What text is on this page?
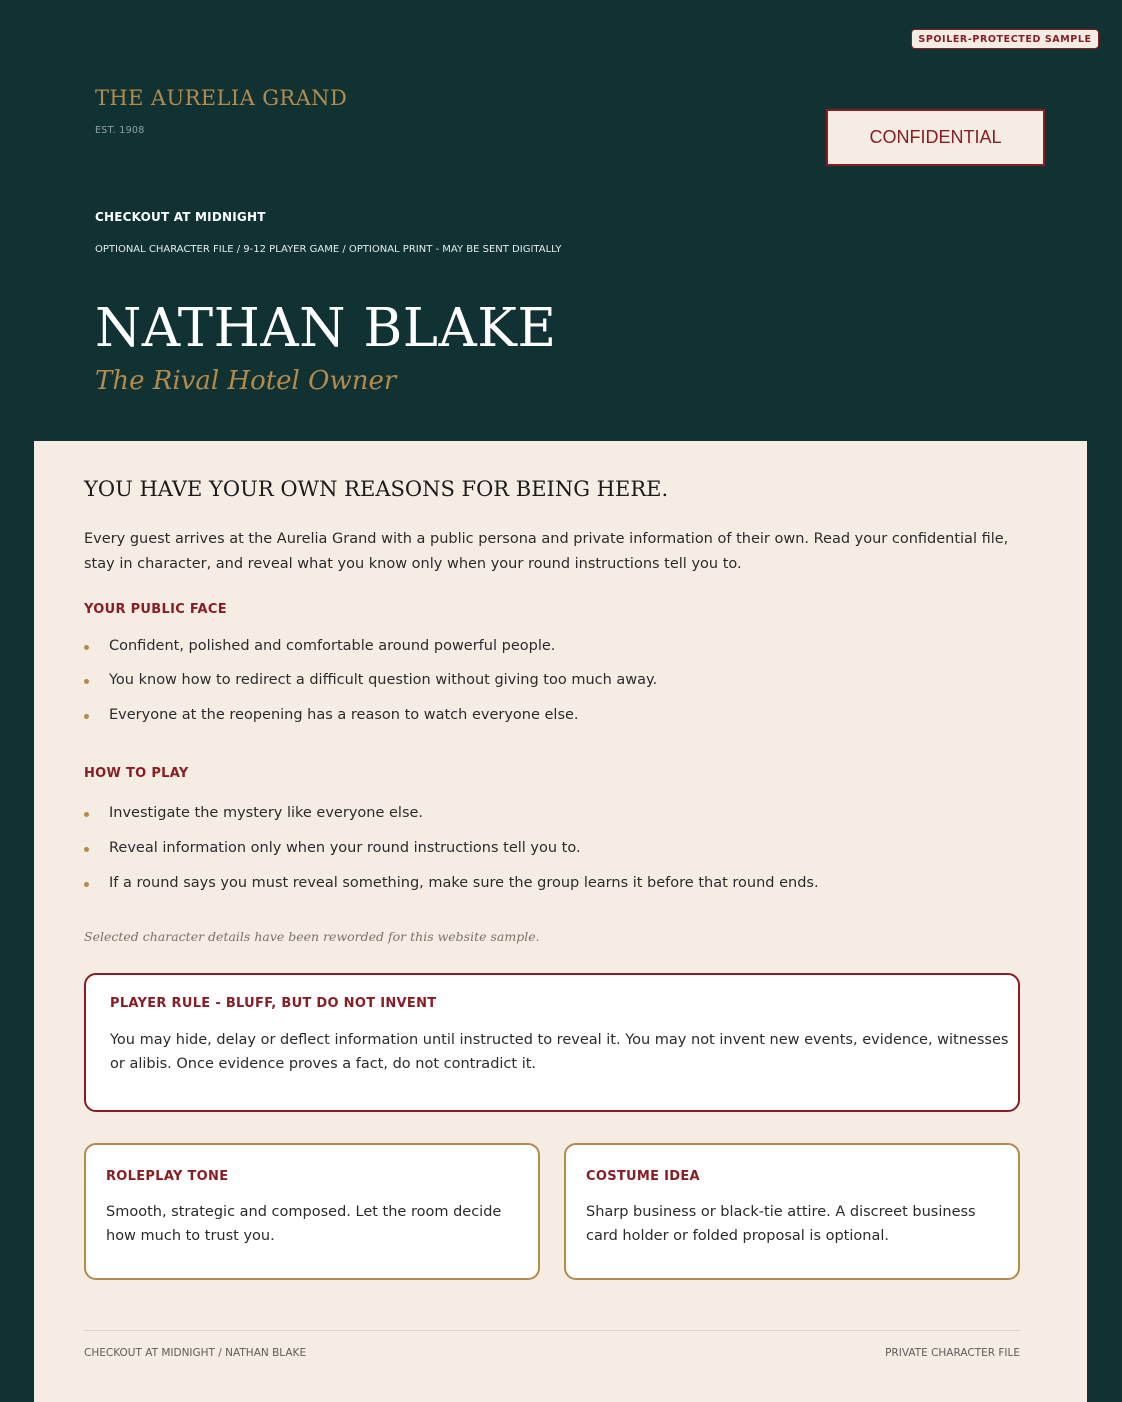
SPOILER-PROTECTED SAMPLE
THE AURELIA GRAND
EST. 1908	CONFIDENTIAL
CHECKOUT AT MIDNIGHT
OPTIONAL CHARACTER FILE / 9-12 PLAYER GAME / OPTIONAL PRINT - MAY BE SENT DIGITALLY
NATHAN BLAKE
The Rival Hotel Owner
YOU HAVE YOUR OWN REASONS FOR BEING HERE.
Every guest arrives at the Aurelia Grand with a public persona and private information of their own. Read your confidential file, stay in character, and reveal what you know only when your round instructions tell you to.
YOUR PUBLIC FACE
Confident, polished and comfortable around powerful people.
You know how to redirect a difficult question without giving too much away.
Everyone at the reopening has a reason to watch everyone else.
HOW TO PLAY
Investigate the mystery like everyone else.
Reveal information only when your round instructions tell you to.
If a round says you must reveal something, make sure the group learns it before that round ends.
Selected character details have been reworded for this website sample.
PLAYER RULE - BLUFF, BUT DO NOT INVENT
You may hide, delay or deflect information until instructed to reveal it. You may not invent new events, evidence, witnesses or alibis. Once evidence proves a fact, do not contradict it.
ROLEPLAY TONE
Smooth, strategic and composed. Let the room decide how much to trust you.
COSTUME IDEA
Sharp business or black-tie attire. A discreet business card holder or folded proposal is optional.
CHECKOUT AT MIDNIGHT / NATHAN BLAKE	PRIVATE CHARACTER FILE
